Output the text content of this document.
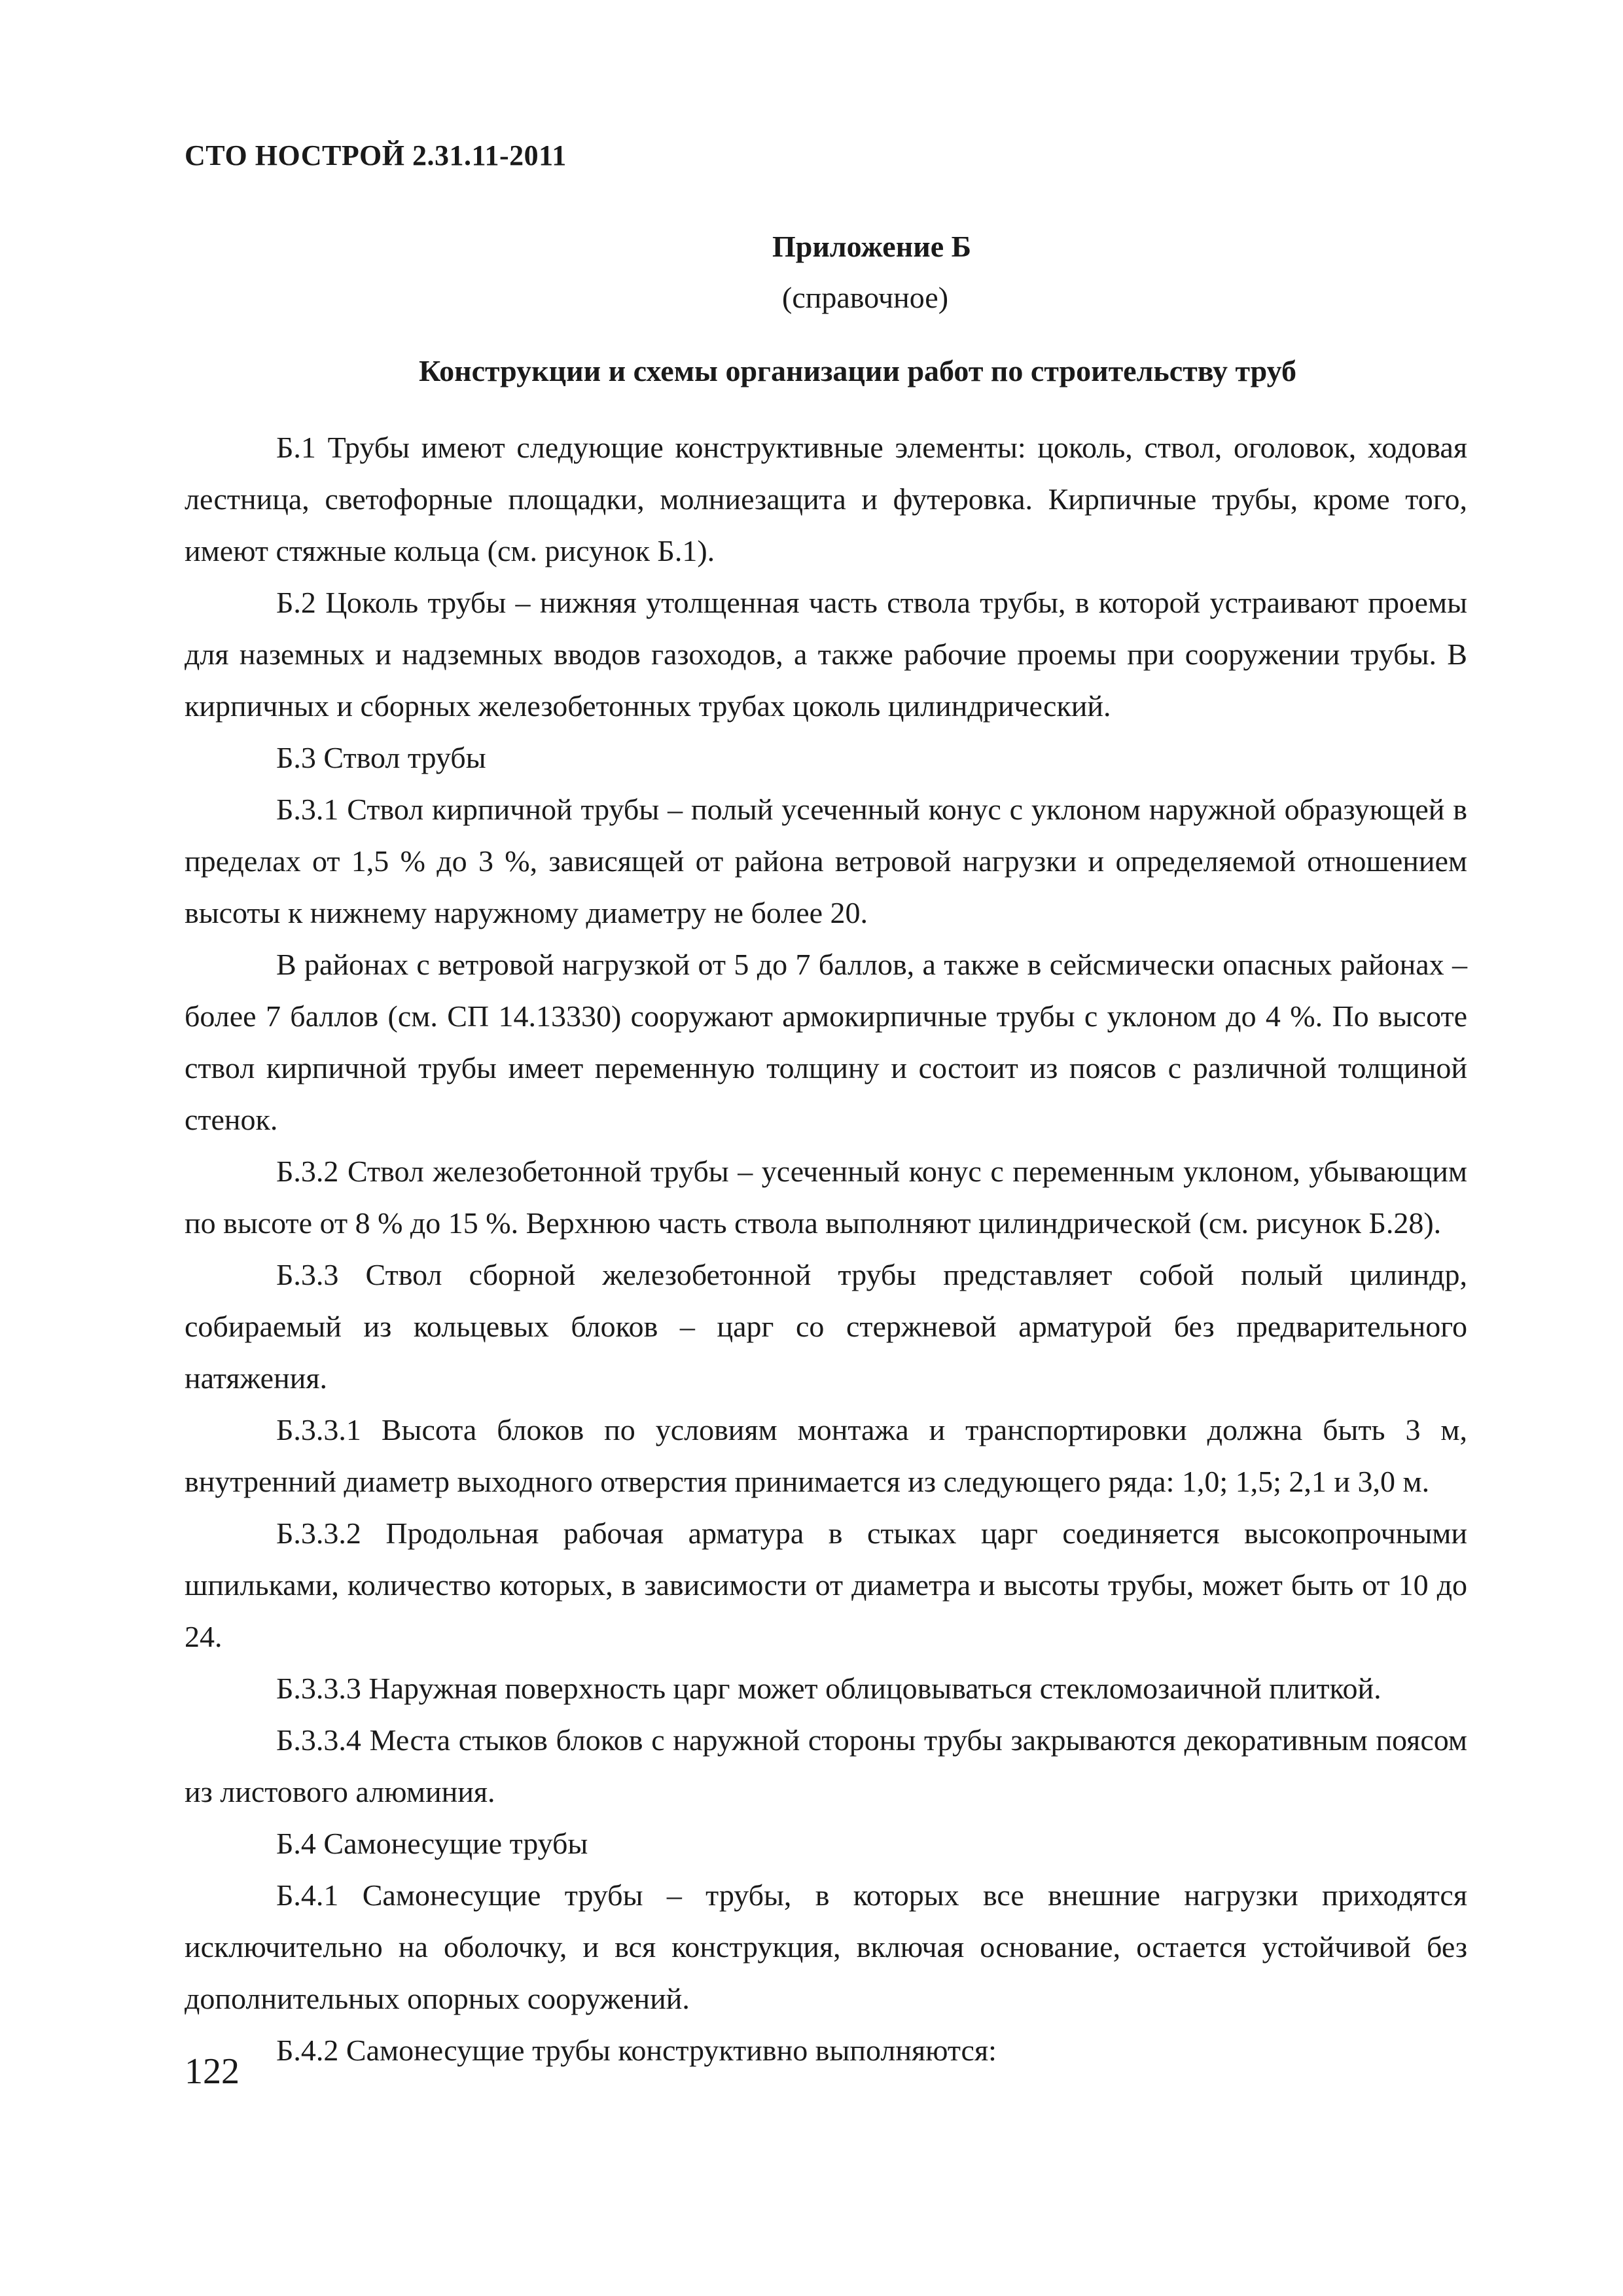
СТО НОСТРОЙ 2.31.11-2011
Приложение Б
(справочное)
Конструкции и схемы организации работ по строительству труб

Б.1 Трубы имеют следующие конструктивные элементы: цоколь, ствол, оголовок, ходовая лестница, светофорные площадки, молниезащита и футеровка. Кирпичные трубы, кроме того, имеют стяжные кольца (см. рисунок Б.1).

Б.2 Цоколь трубы – нижняя утолщенная часть ствола трубы, в которой устраивают проемы для наземных и надземных вводов газоходов, а также рабочие проемы при сооружении трубы. В кирпичных и сборных железобетонных трубах цоколь цилиндрический.

Б.3 Ствол трубы

Б.3.1 Ствол кирпичной трубы – полый усеченный конус с уклоном наружной образующей в пределах от 1,5 % до 3 %, зависящей от района ветровой нагрузки и определяемой отношением высоты к нижнему наружному диаметру не более 20.

В районах с ветровой нагрузкой от 5 до 7 баллов, а также в сейсмически опасных районах – более 7 баллов (см. СП 14.13330) сооружают армокирпичные трубы с уклоном до 4 %. По высоте ствол кирпичной трубы имеет переменную толщину и состоит из поясов с различной толщиной стенок.

Б.3.2 Ствол железобетонной трубы – усеченный конус с переменным уклоном, убывающим по высоте от 8 % до 15 %. Верхнюю часть ствола выполняют цилиндрической (см. рисунок Б.28).

Б.3.3 Ствол сборной железобетонной трубы представляет собой полый цилиндр, собираемый из кольцевых блоков – царг со стержневой арматурой без предварительного натяжения.

Б.3.3.1 Высота блоков по условиям монтажа и транспортировки должна быть 3 м, внутренний диаметр выходного отверстия принимается из следующего ряда: 1,0; 1,5; 2,1 и 3,0 м.

Б.3.3.2 Продольная рабочая арматура в стыках царг соединяется высокопрочными шпильками, количество которых, в зависимости от диаметра и высоты трубы, может быть от 10 до 24.

Б.3.3.3 Наружная поверхность царг может облицовываться стекломозаичной плиткой.

Б.3.3.4 Места стыков блоков с наружной стороны трубы закрываются декоративным поясом из листового алюминия.

Б.4 Самонесущие трубы

Б.4.1 Самонесущие трубы – трубы, в которых все внешние нагрузки приходятся исключительно на оболочку, и вся конструкция, включая основание, остается устойчивой без дополнительных опорных сооружений.

Б.4.2 Самонесущие трубы конструктивно выполняются:

122
